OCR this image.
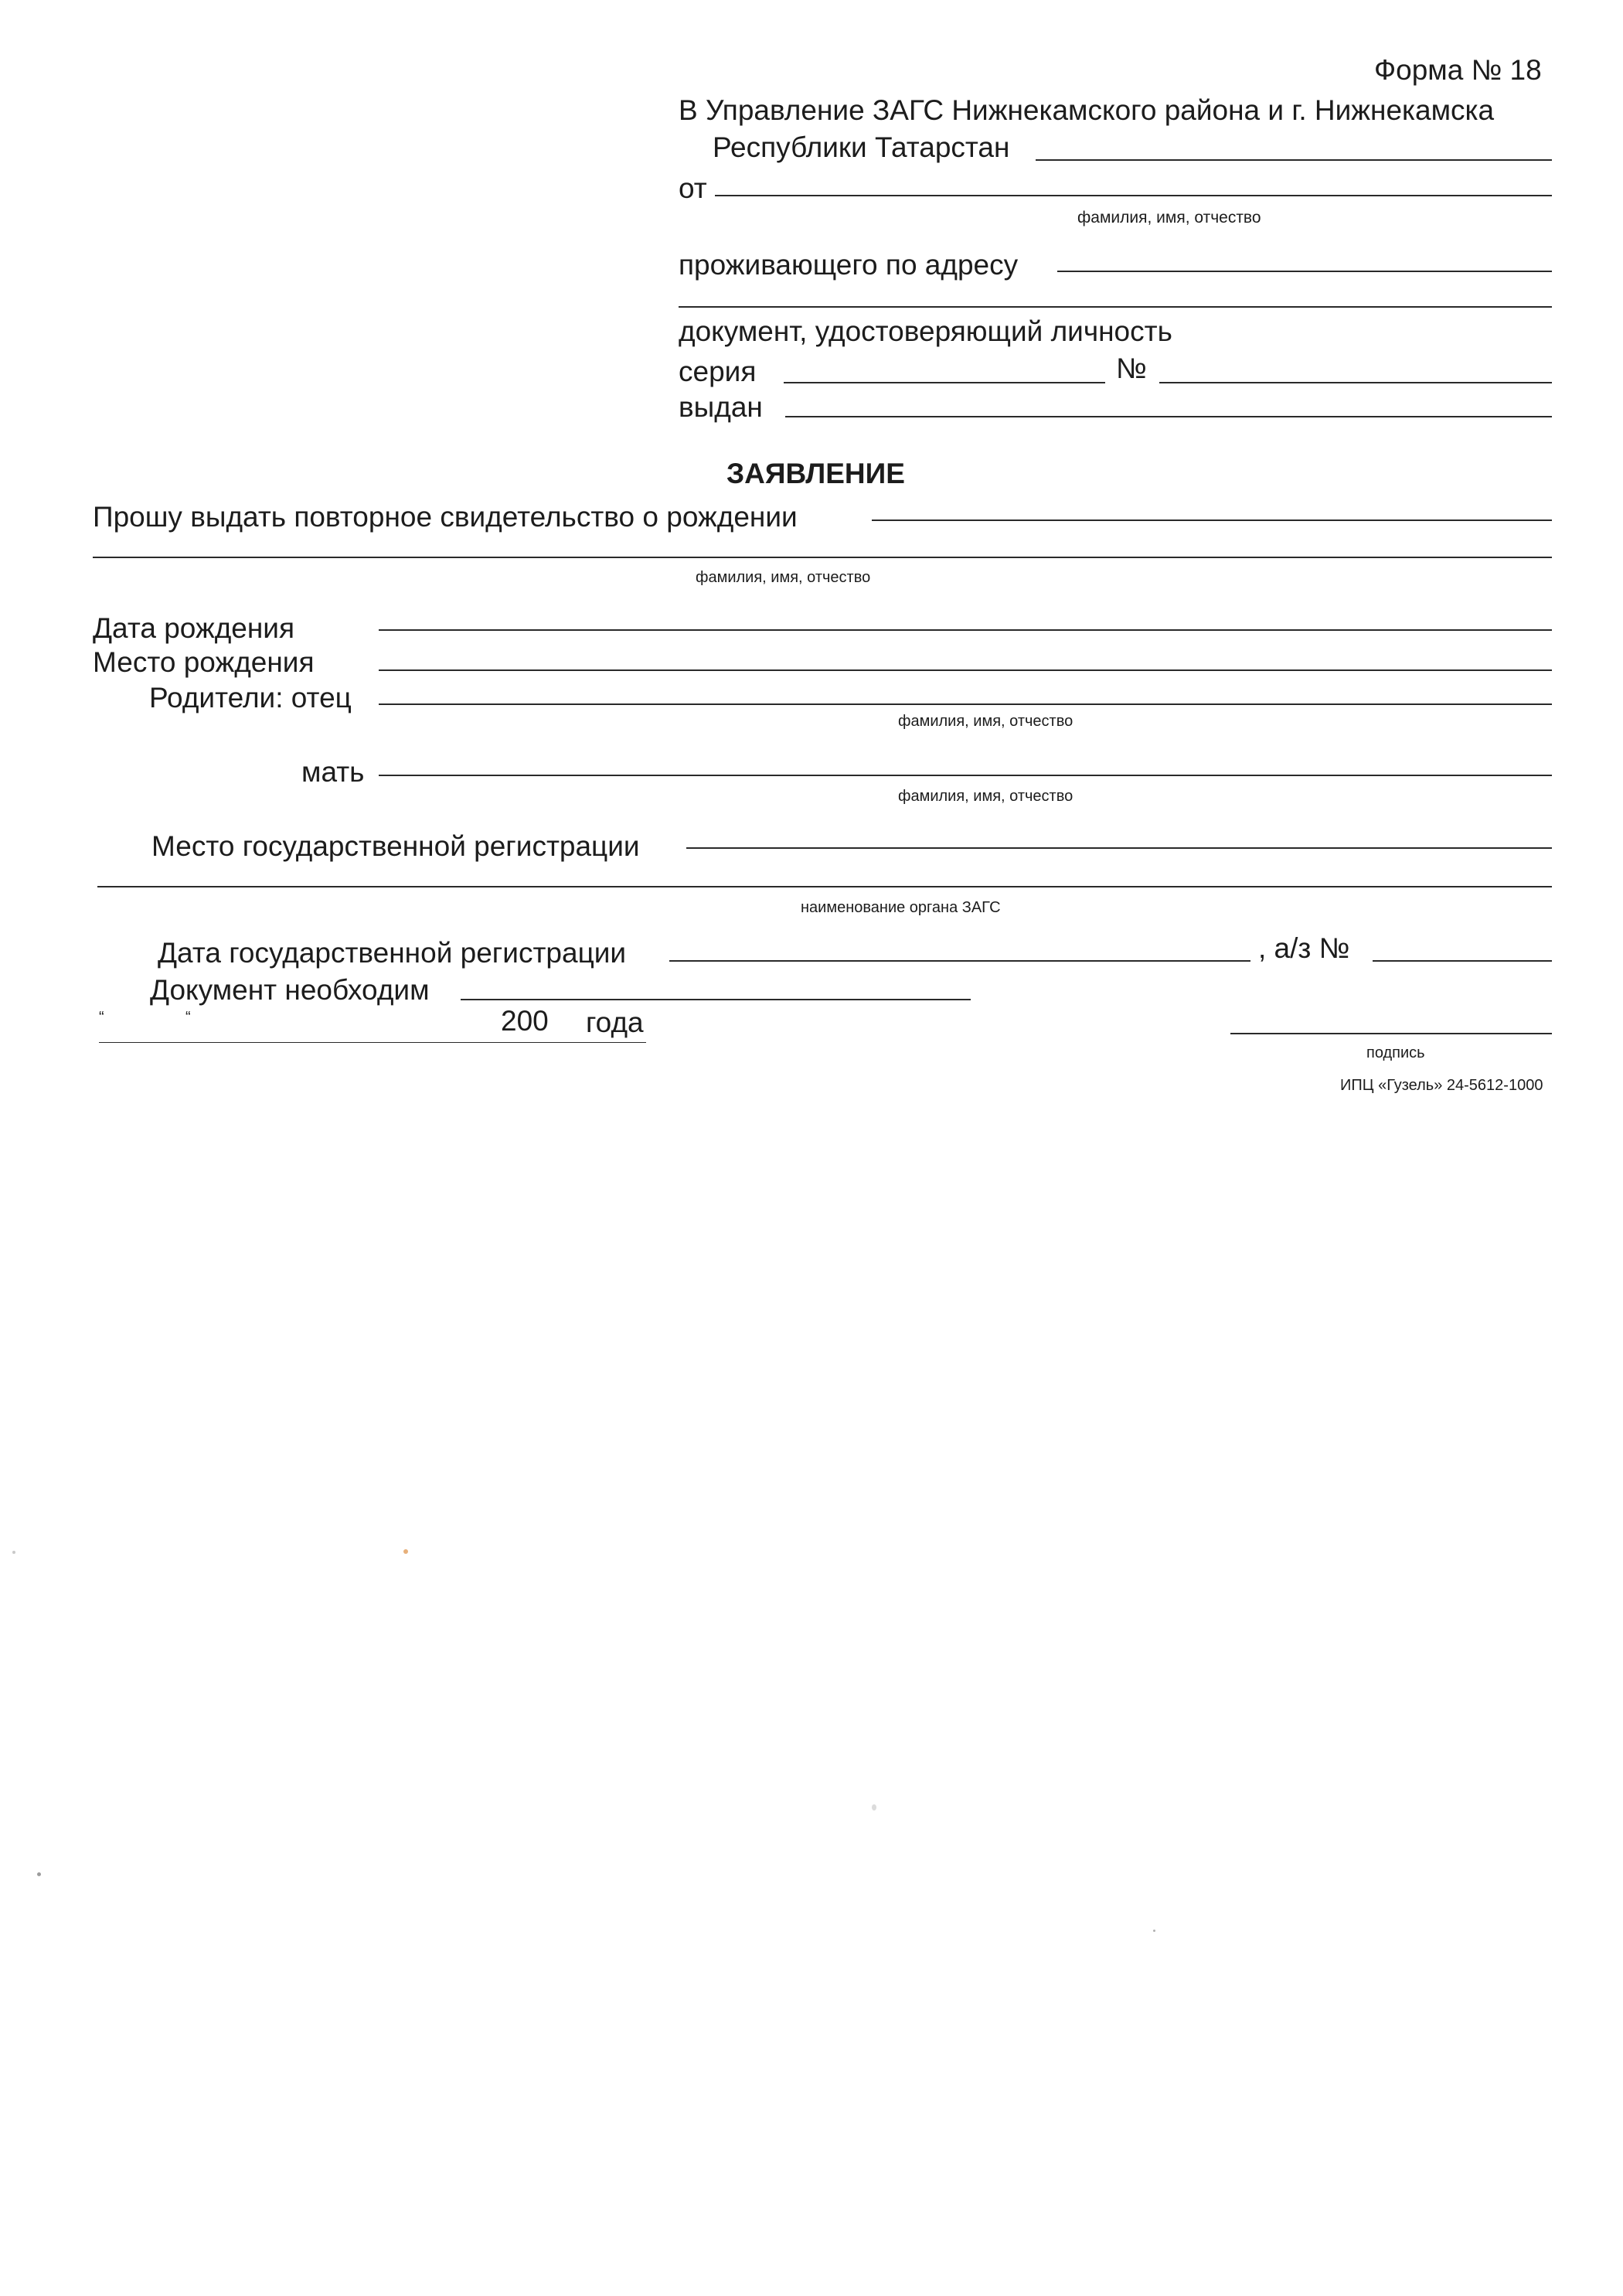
Форма № 18
В Управление ЗАГС Нижнекамского района и г. Нижнекамска
Республики Татарстан
от
фамилия, имя, отчество
проживающего по адресу
документ, удостоверяющий личность
серия	№
выдан
ЗАЯВЛЕНИЕ
Прошу выдать повторное свидетельство о рождении
фамилия, имя, отчество
Дата рождения
Место рождения
Родители: отец
фамилия, имя, отчество
мать
фамилия, имя, отчество
Место государственной регистрации
наименование органа ЗАГС
Дата государственной регистрации	, а/з №
Документ необходим
“	“	200 года
подпись
ИПЦ «Гузель» 24-5612-1000
